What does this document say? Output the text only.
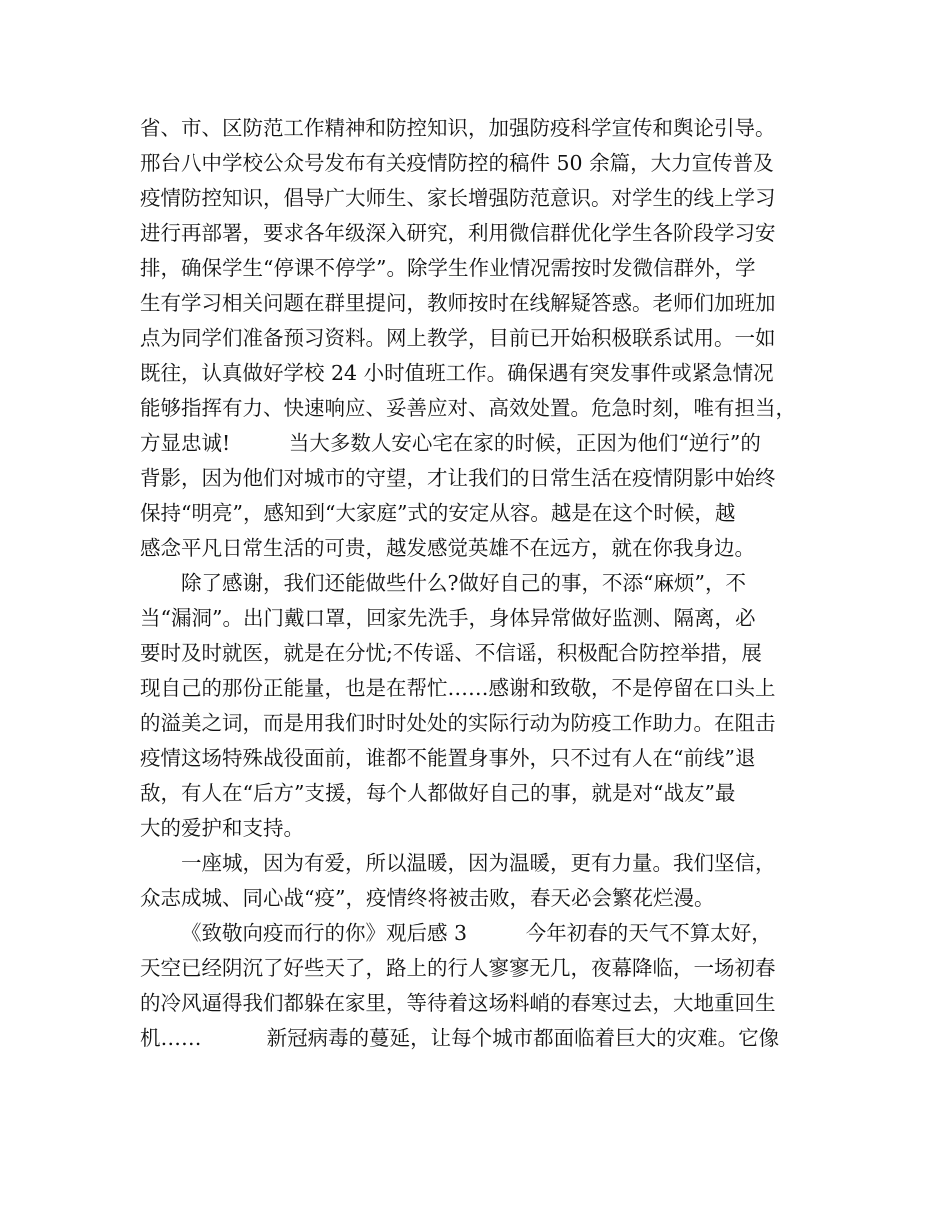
省、市、区防范工作精神和防控知识，加强防疫科学宣传和舆论引导。
邢台八中学校公众号发布有关疫情防控的稿件 50 余篇，大力宣传普及
疫情防控知识，倡导广大师生、家长增强防范意识。对学生的线上学习
进行再部署，要求各年级深入研究，利用微信群优化学生各阶段学习安
排，确保学生“停课不停学”。除学生作业情况需按时发微信群外，学
生有学习相关问题在群里提问，教师按时在线解疑答惑。老师们加班加
点为同学们准备预习资料。网上教学，目前已开始积极联系试用。一如
既往，认真做好学校 24 小时值班工作。确保遇有突发事件或紧急情况
能够指挥有力、快速响应、妥善应对、高效处置。危急时刻，唯有担当，
方显忠诚!         当大多数人安心宅在家的时候，正因为他们“逆行”的
背影，因为他们对城市的守望，才让我们的日常生活在疫情阴影中始终
保持“明亮”，感知到“大家庭”式的安定从容。越是在这个时候，越
感念平凡日常生活的可贵，越发感觉英雄不在远方，就在你我身边。
除了感谢，我们还能做些什么?做好自己的事，不添“麻烦”，不
当“漏洞”。出门戴口罩，回家先洗手，身体异常做好监测、隔离，必
要时及时就医，就是在分忧;不传谣、不信谣，积极配合防控举措，展
现自己的那份正能量，也是在帮忙……感谢和致敬，不是停留在口头上
的溢美之词，而是用我们时时处处的实际行动为防疫工作助力。在阻击
疫情这场特殊战役面前，谁都不能置身事外，只不过有人在“前线”退
敌，有人在“后方”支援，每个人都做好自己的事，就是对“战友”最
大的爱护和支持。
一座城，因为有爱，所以温暖，因为温暖，更有力量。我们坚信，
众志成城、同心战“疫”，疫情终将被击败，春天必会繁花烂漫。
《致敬向疫而行的你》观后感 3         今年初春的天气不算太好，
天空已经阴沉了好些天了，路上的行人寥寥无几，夜幕降临，一场初春
的冷风逼得我们都躲在家里，等待着这场料峭的春寒过去，大地重回生
机……          新冠病毒的蔓延，让每个城市都面临着巨大的灾难。它像
